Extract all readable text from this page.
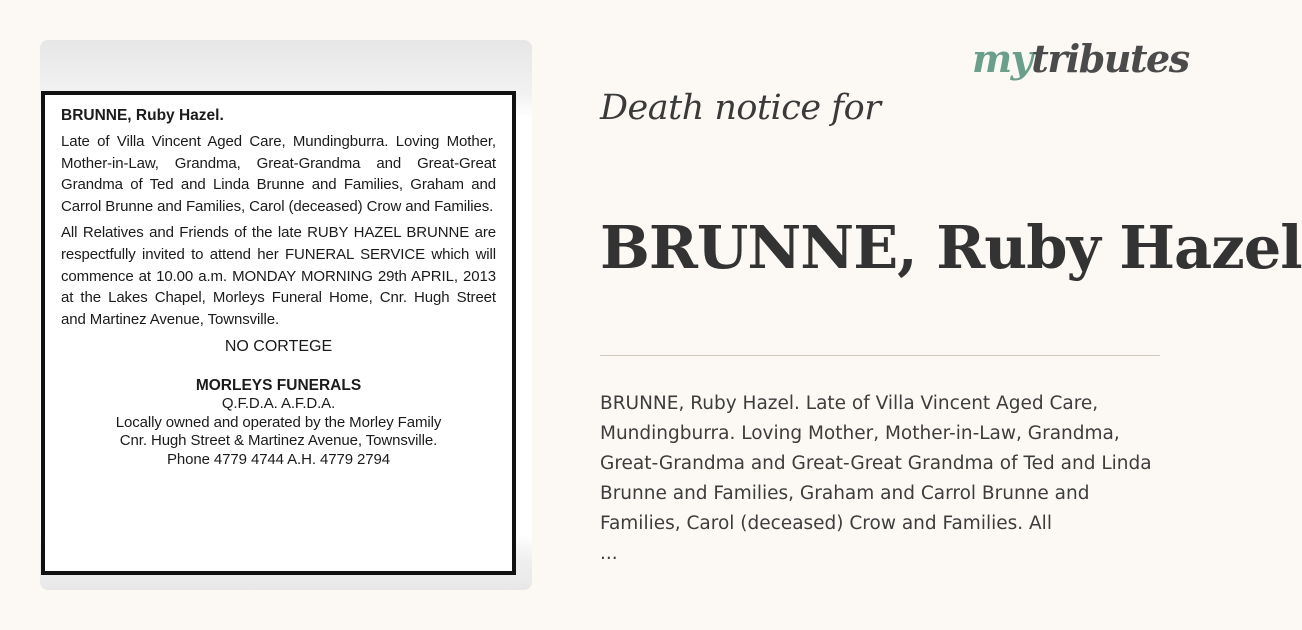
BRUNNE, Ruby Hazel.

Late of Villa Vincent Aged Care, Mundingburra. Loving Mother, Mother-in-Law, Grandma, Great-Grandma and Great-Great Grandma of Ted and Linda Brunne and Families, Graham and Carrol Brunne and Families, Carol (deceased) Crow and Families.

All Relatives and Friends of the late RUBY HAZEL BRUNNE are respectfully invited to attend her FUNERAL SERVICE which will commence at 10.00 a.m. MONDAY MORNING 29th APRIL, 2013 at the Lakes Chapel, Morleys Funeral Home, Cnr. Hugh Street and Martinez Avenue, Townsville.

NO CORTEGE
MORLEYS FUNERALS
Q.F.D.A. A.F.D.A.
Locally owned and operated by the Morley Family
Cnr. Hugh Street & Martinez Avenue, Townsville.
Phone 4779 4744 A.H. 4779 2794
mytributes
Death notice for
BRUNNE, Ruby Hazel
BRUNNE, Ruby Hazel. Late of Villa Vincent Aged Care,
Mundingburra. Loving Mother, Mother-in-Law, Grandma,
Great-Grandma and Great-Great Grandma of Ted and Linda
Brunne and Families, Graham and Carrol Brunne and
Families, Carol (deceased) Crow and Families. All
...
